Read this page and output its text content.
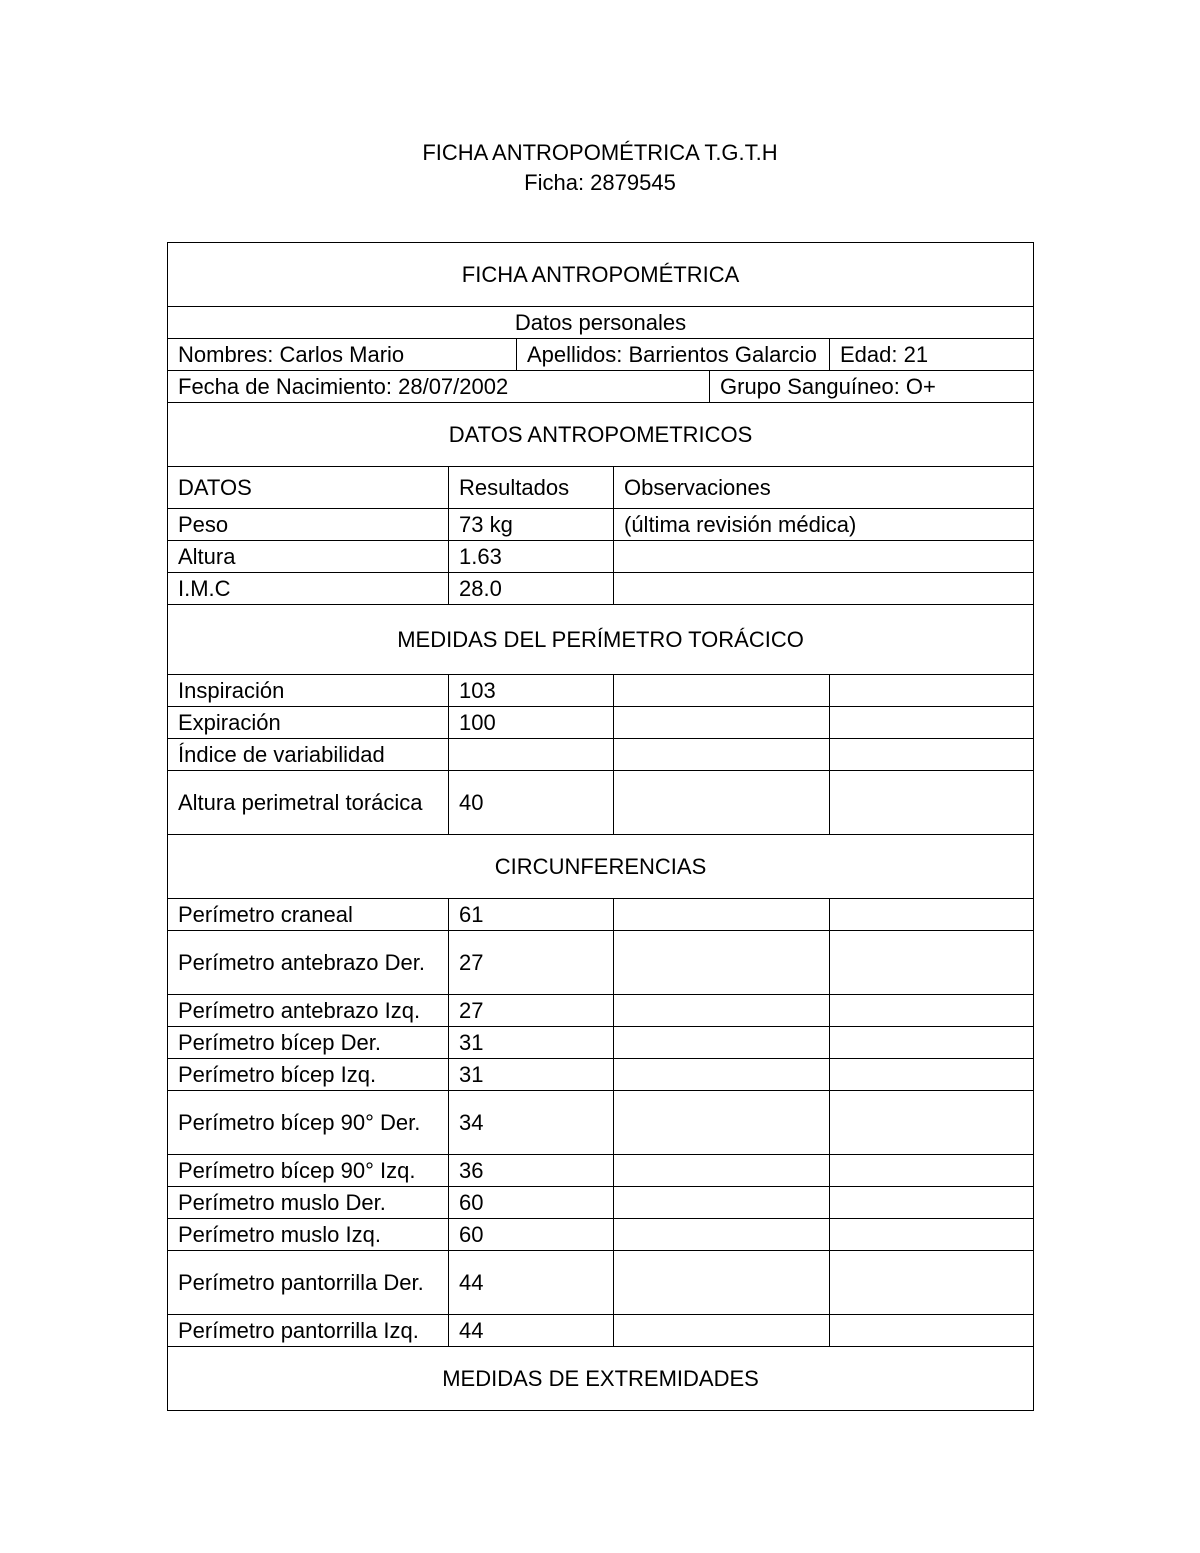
FICHA ANTROPOMÉTRICA T.G.T.H
Ficha: 2879545
FICHA ANTROPOMÉTRICA					
Datos personales					
Nombres: Carlos Mario		Apellidos: Barrientos Galarcio			Edad: 21
Fecha de Nacimiento: 28/07/2002				Grupo Sanguíneo: O+	
DATOS ANTROPOMETRICOS					
DATOS	Resultados		Observaciones		
Peso	73 kg		(última revisión médica)		
Altura	1.63				
I.M.C	28.0				
MEDIDAS DEL PERÍMETRO TORÁCICO					
Inspiración	103				
Expiración	100				
Índice de variabilidad					
Altura perimetral torácica	40				
CIRCUNFERENCIAS					
Perímetro craneal	61				
Perímetro antebrazo Der.	27				
Perímetro antebrazo Izq.	27				
Perímetro bícep Der.	31				
Perímetro bícep Izq.	31				
Perímetro bícep 90° Der.	34				
Perímetro bícep 90° Izq.	36				
Perímetro muslo Der.	60				
Perímetro muslo Izq.	60				
Perímetro pantorrilla Der.	44				
Perímetro pantorrilla Izq.	44				
MEDIDAS DE EXTREMIDADES					
